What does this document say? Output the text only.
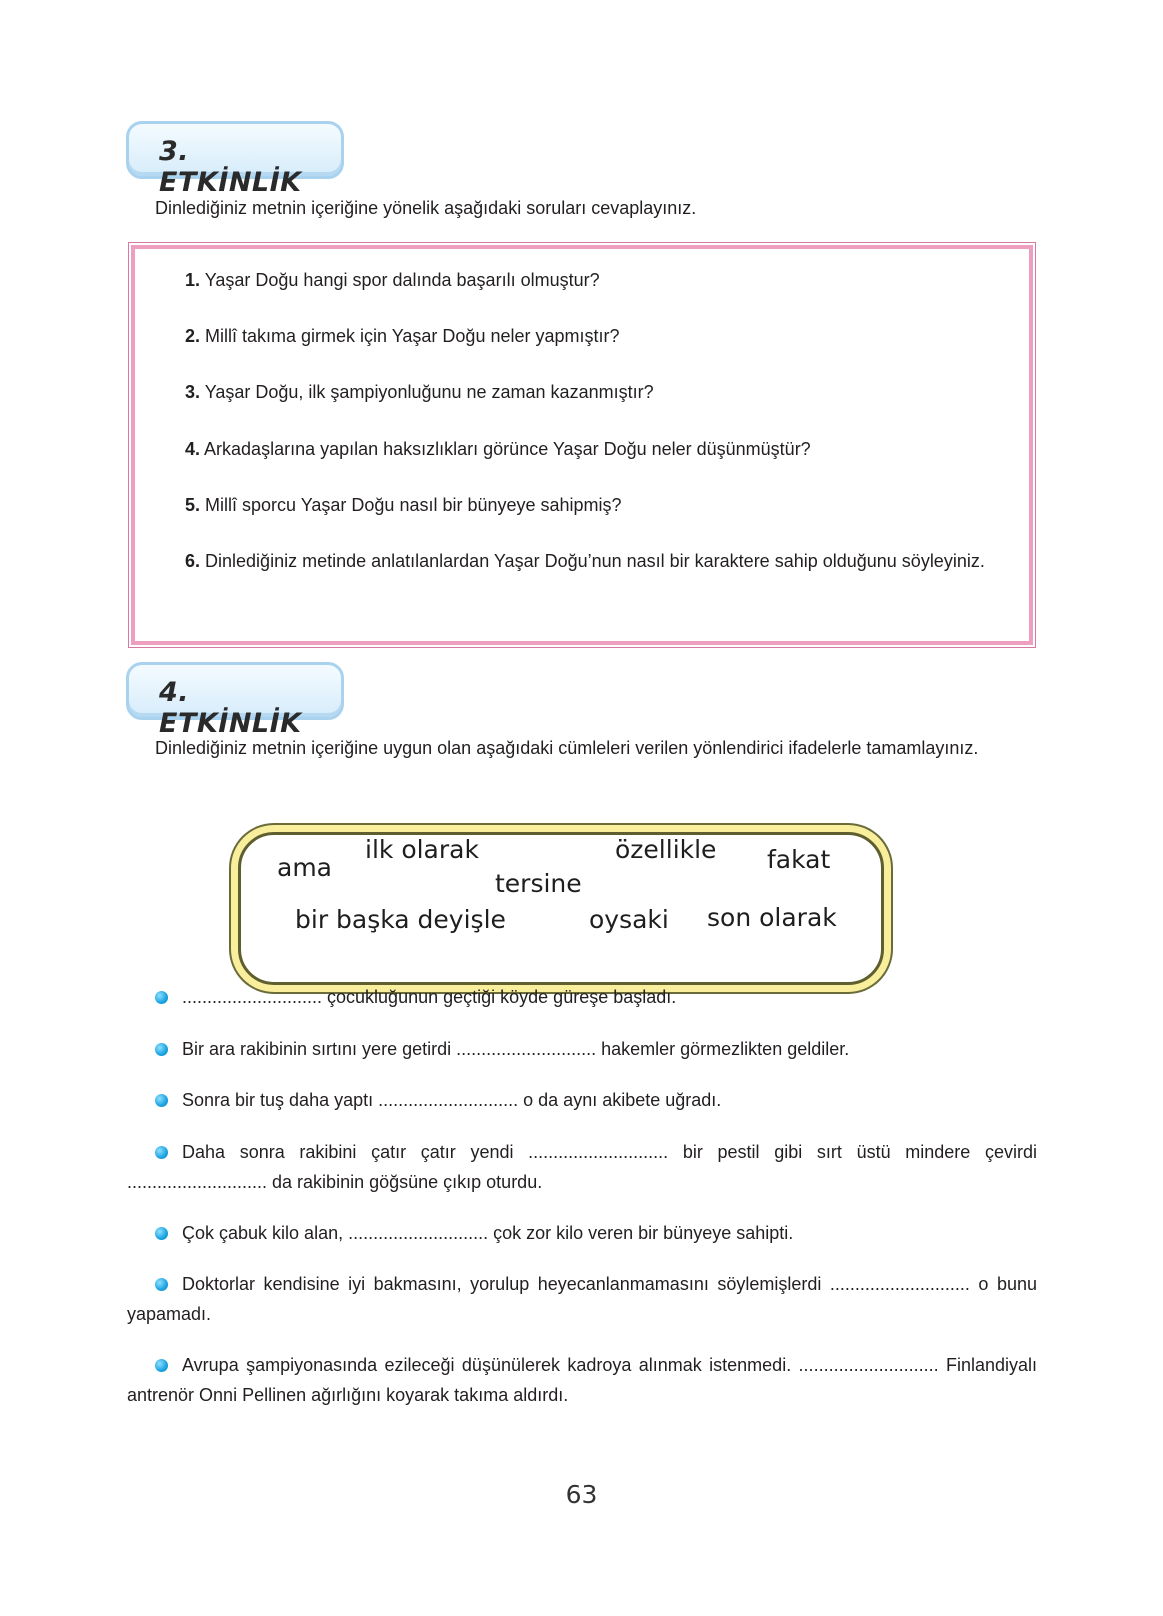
3. ETKİNLİK

Dinlediğiniz metnin içeriğine yönelik aşağıdaki soruları cevaplayınız.

1. Yaşar Doğu hangi spor dalında başarılı olmuştur?
2. Millî takıma girmek için Yaşar Doğu neler yapmıştır?
3. Yaşar Doğu, ilk şampiyonluğunu ne zaman kazanmıştır?
4. Arkadaşlarına yapılan haksızlıkları görünce Yaşar Doğu neler düşünmüştür?
5. Millî sporcu Yaşar Doğu nasıl bir bünyeye sahipmiş?
6. Dinlediğiniz metinde anlatılanlardan Yaşar Doğu’nun nasıl bir karaktere sahip olduğunu söyleyiniz.
4. ETKİNLİK

Dinlediğiniz metnin içeriğine uygun olan aşağıdaki cümleleri verilen yönlendirici ifadelerle tamamlayınız.

ama
ilk olarak
tersine
özellikle fakat
bir başka deyişle	oysaki son olarak
............................ çocukluğunun geçtiği köyde güreşe başladı.
Bir ara rakibinin sırtını yere getirdi ............................ hakemler görmezlikten geldiler.
Sonra bir tuş daha yaptı ............................ o da aynı akibete uğradı.
Daha sonra rakibini çatır çatır yendi ............................ bir pestil gibi sırt üstü mindere çevirdi ............................ da rakibinin göğsüne çıkıp oturdu.
Çok çabuk kilo alan, ............................ çok zor kilo veren bir bünyeye sahipti.
Doktorlar kendisine iyi bakmasını, yorulup heyecanlanmamasını söylemişlerdi ............................ o bunu yapamadı.
Avrupa şampiyonasında ezileceği düşünülerek kadroya alınmak istenmedi. ............................ Finlandiyalı antrenör Onni Pellinen ağırlığını koyarak takıma aldırdı.
63
